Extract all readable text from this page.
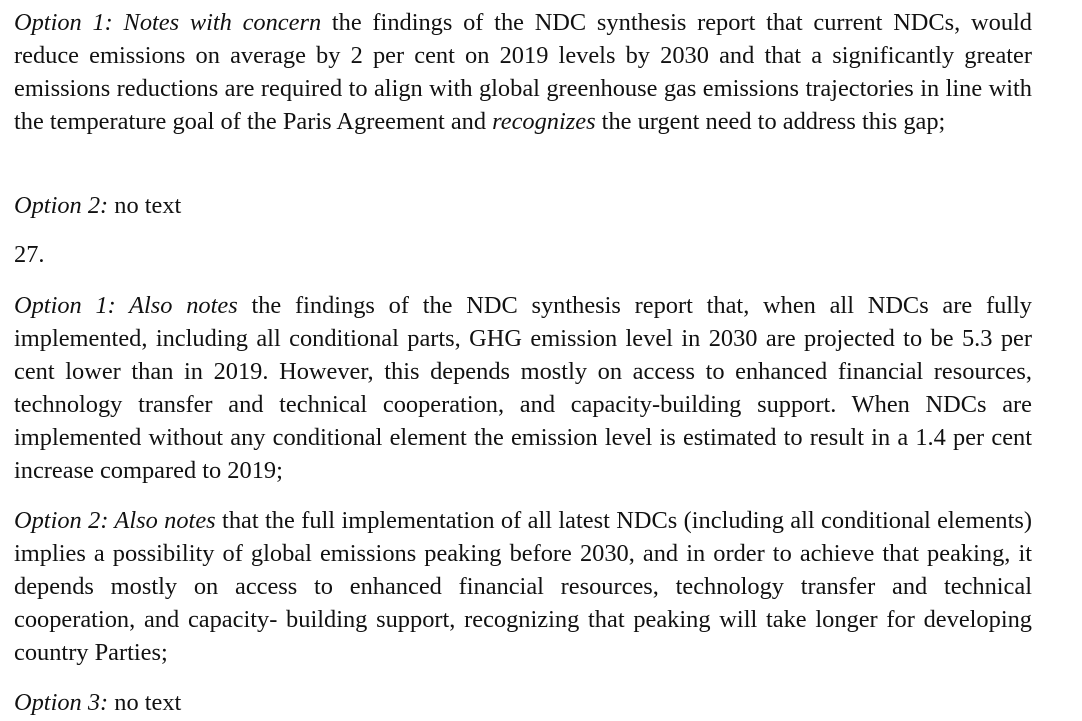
Option 1: Notes with concern the findings of the NDC synthesis report that current NDCs, would reduce emissions on average by 2 per cent on 2019 levels by 2030 and that a significantly greater emissions reductions are required to align with global greenhouse gas emissions trajectories in line with the temperature goal of the Paris Agreement and recognizes the urgent need to address this gap;

Option 2: no text

27.

Option 1: Also notes the findings of the NDC synthesis report that, when all NDCs are fully implemented, including all conditional parts, GHG emission level in 2030 are projected to be 5.3 per cent lower than in 2019. However, this depends mostly on access to enhanced financial resources, technology transfer and technical cooperation, and capacity-building support. When NDCs are implemented without any conditional element the emission level is estimated to result in a 1.4 per cent increase compared to 2019;

Option 2: Also notes that the full implementation of all latest NDCs (including all conditional elements) implies a possibility of global emissions peaking before 2030, and in order to achieve that peaking, it depends mostly on access to enhanced financial resources, technology transfer and technical cooperation, and capacity- building support, recognizing that peaking will take longer for developing country Parties;

Option 3: no text
